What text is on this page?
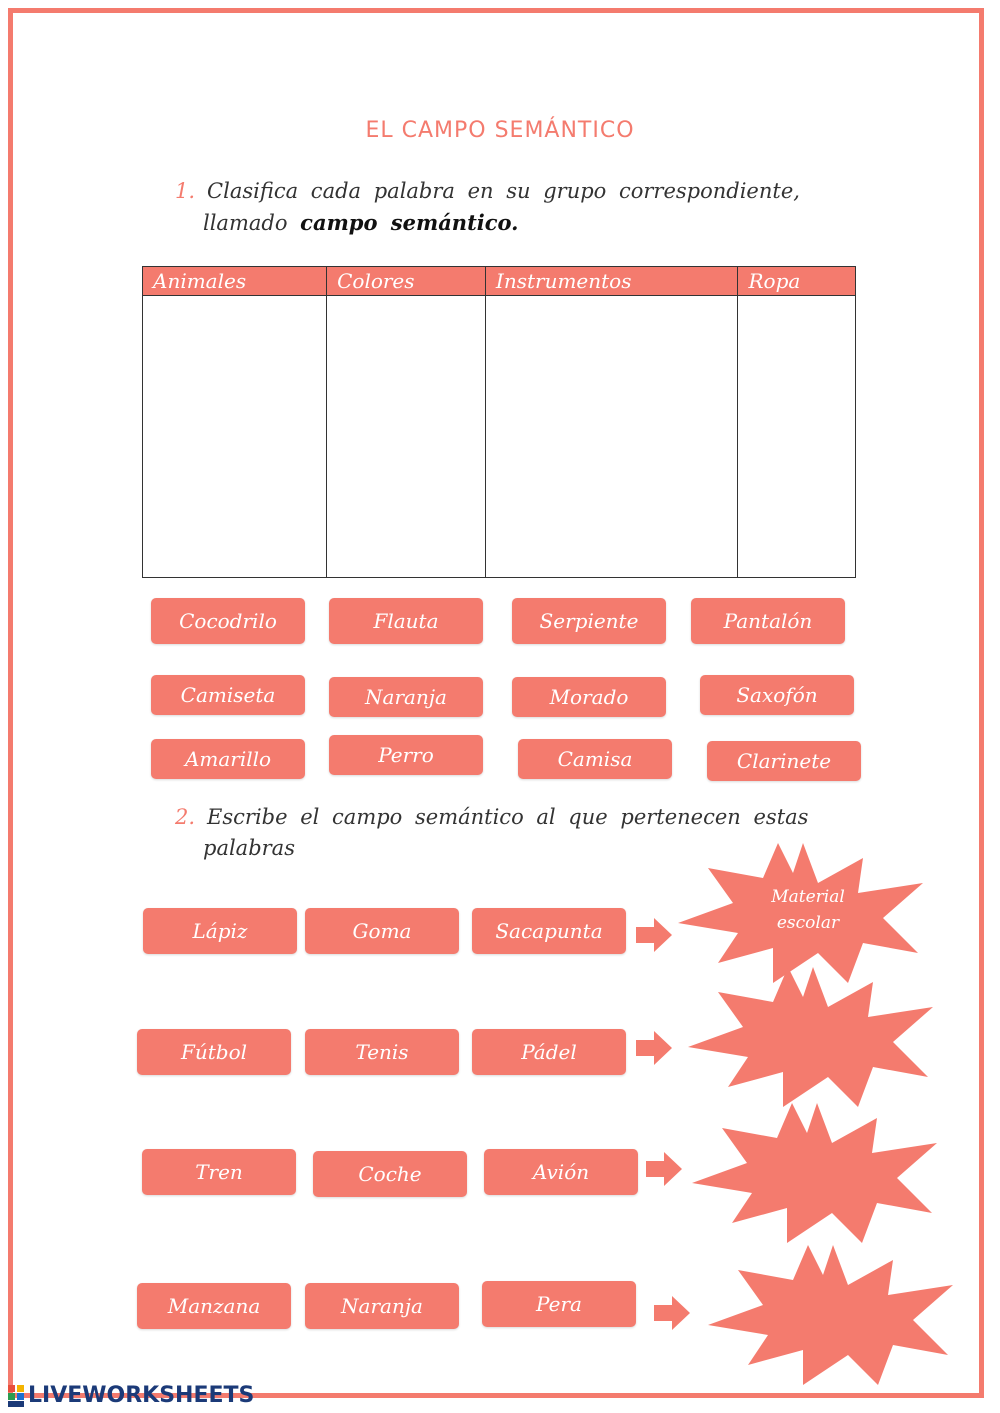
EL CAMPO SEMÁNTICO
1. Clasifica cada palabra en su grupo correspondiente,
llamado campo semántico.
Animales	Colores	Instrumentos	Ropa

Cocodrilo	Flauta	Serpiente	Pantalón
Camiseta	Naranja	Morado	Saxofón
Amarillo	Perro	Camisa	Clarinete
2. Escribe el campo semántico al que pertenecen estas
palabras
Lápiz	Goma	Sacapunta
Material
escolar
Fútbol	Tenis	Pádel

Tren	Coche	Avión

Manzana	Naranja	Pera

LIVEWORKSHEETS
